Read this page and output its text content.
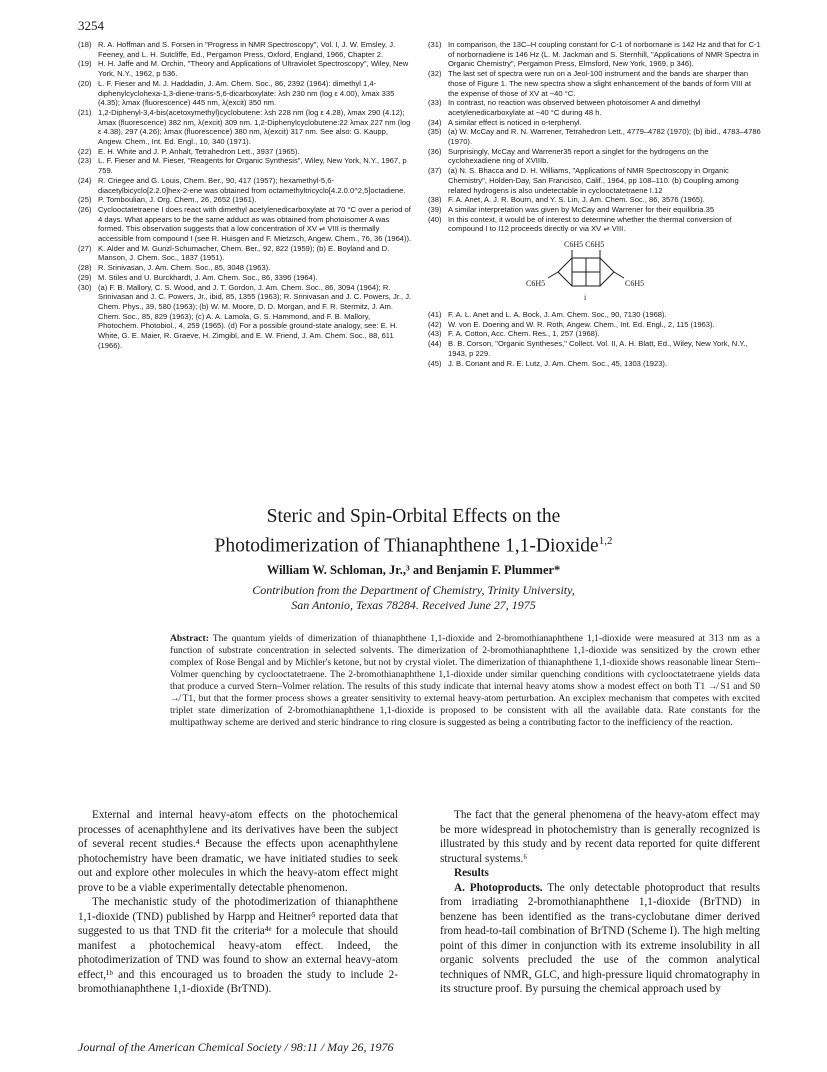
3254
(18) R. A. Hoffman and S. Forsen in "Progress in NMR Spectroscopy", Vol. I, J. W. Emsley, J. Feeney, and L. H. Sutcliffe, Ed., Pergamon Press, Oxford, England, 1966, Chapter 2.
(19) H. H. Jaffe and M. Orchin, "Theory and Applications of Ultraviolet Spectroscopy", Wiley, New York, N.Y., 1962, p 536.
(20) L. F. Fieser and M. J. Haddadin, J. Am. Chem. Soc., 86, 2392 (1964): dimethyl 1,4-diphenylcyclohexa-1,3-diene-trans-5,6-dicarboxylate: λsh 230 nm (log ε 4.00), λmax 335 (4.35); λmax (fluorescence) 445 nm, λ(excit) 350 nm.
(21) 1,2-Diphenyl-3,4-bis(acetoxymethyl)cyclobutene: λsh 228 nm (log ε 4.28), λmax 290 (4.12); λmax (fluorescence) 382 nm, λ(excit) 309 nm. 1,2-Diphenylcyclobutene:22 λmax 227 nm (log ε 4.38), 297 (4.26); λmax (fluorescence) 380 nm, λ(excit) 317 nm. See also: G. Kaupp, Angew. Chem., Int. Ed. Engl., 10, 340 (1971).
(22) E. H. White and J. P. Anhalt, Tetrahedron Lett., 3937 (1965).
(23) L. F. Fieser and M. Fieser, "Reagents for Organic Synthesis", Wiley, New York, N.Y., 1967, p 759.
(24) R. Criegee and G. Louis, Chem. Ber., 90, 417 (1957); hexamethyl-5,6-diacetylbicyclo[2.2.0]hex-2-ene was obtained from octamethyltricyclo[4.2.0.0^2,5]octadiene.
(25) P. Tomboulian, J. Org. Chem., 26, 2652 (1961).
(26) Cyclooctatetraene I does react with dimethyl acetylenedicarboxylate at 70 °C over a period of 4 days. What appears to be the same adduct as was obtained from photoisomer A was formed. This observation suggests that a low concentration of XV ⇌ VIII is thermally accessible from compound I (see R. Huisgen and F. Mietzsch, Angew. Chem., 76, 36 (1964)).
(27) K. Alder and M. Gunzl-Schumacher, Chem. Ber., 92, 822 (1959); (b) E. Boyland and D. Manson, J. Chem. Soc., 1837 (1951).
(28) R. Srinivasan, J. Am. Chem. Soc., 85, 3048 (1963).
(29) M. Stiles and U. Burckhardt, J. Am. Chem. Soc., 86, 3396 (1964).
(30) (a) F. B. Mallory, C. S. Wood, and J. T. Gordon, J. Am. Chem. Soc., 86, 3094 (1964); R. Srinivasan and J. C. Powers, Jr., ibid, 85, 1355 (1963); R. Srinivasan and J. C. Powers, Jr., J. Chem. Phys., 39, 580 (1963); (b) W. M. Moore, D. D. Morgan, and F. R. Stermitz, J. Am. Chem. Soc., 85, 829 (1963); (c) A. A. Lamola, G. S. Hammond, and F. B. Mallory, Photochem. Photobiol., 4, 259 (1965). (d) For a possible ground-state analogy, see: E. H. White, G. E. Maier, R. Graeve, H. Zimgibl, and E. W. Friend, J. Am. Chem. Soc., 88, 611 (1966).
(31) In comparison, the 13C–H coupling constant for C-1 of norbornane is 142 Hz and that for C-1 of norbornadiene is 146 Hz (L. M. Jackman and S. Sternhill, "Applications of NMR Spectra in Organic Chemistry", Pergamon Press, Elmsford, New York, 1969, p 346).
(32) The last set of spectra were run on a Jeol-100 instrument and the bands are sharper than those of Figure 1. The new spectra show a slight enhancement of the bands of form VIII at the expense of those of XV at −40 °C.
(33) In contrast, no reaction was observed between photoisomer A and dimethyl acetylenedicarboxylate at −40 °C during 48 h.
(34) A similar effect is noticed in o-terphenyl.
(35) (a) W. McCay and R. N. Warrener, Tetrahedron Lett., 4779–4782 (1970); (b) ibid., 4783–4786 (1970).
(36) Surprisingly, McCay and Warrener35 report a singlet for the hydrogens on the cyclohexadiene ring of XVIIIb.
(37) (a) N. S. Bhacca and D. H. Williams, "Applications of NMR Spectroscopy in Organic Chemistry", Holden-Day, San Francisco, Calif., 1964, pp 108–110. (b) Coupling among related hydrogens is also undetectable in cyclooctatetraene I.12
(38) F. A. Anet, A. J. R. Bourn, and Y. S. Lin, J. Am. Chem. Soc., 86, 3576 (1965).
(39) A similar interpretation was given by McCay and Warrener for their equilibria.35
(40) In this context, it would be of interest to determine whether the thermal conversion of compound I to I12 proceeds directly or via XV ⇌ VIII.
C6H5 C6H5
C6H5	C6H5
i
(41) F. A. L. Anet and L. A. Bock, J. Am. Chem. Soc., 90, 7130 (1968).
(42) W. von E. Doering and W. R. Roth, Angew. Chem., Int. Ed. Engl., 2, 115 (1963).
(43) F. A. Cotton, Acc. Chem. Res., 1, 257 (1968).
(44) B. B. Corson, "Organic Syntheses," Collect. Vol. II, A. H. Blatt, Ed., Wiley, New York, N.Y., 1943, p 229.
(45) J. B. Conant and R. E. Lutz, J. Am. Chem. Soc., 45, 1303 (1923).
Steric and Spin-Orbital Effects on the
Photodimerization of Thianaphthene 1,1-Dioxide$^{1,2}$
William W. Schloman, Jr.,³ and Benjamin F. Plummer*
Contribution from the Department of Chemistry, Trinity University,
San Antonio, Texas 78284. Received June 27, 1975
Abstract: The quantum yields of dimerization of thianaphthene 1,1-dioxide and 2-bromothianaphthene 1,1-dioxide were measured at 313 nm as a function of substrate concentration in selected solvents. The dimerization of 2-bromothianaphthene 1,1-dioxide was sensitized by the crown ether complex of Rose Bengal and by Michler's ketone, but not by crystal violet. The dimerization of thianaphthene 1,1-dioxide shows reasonable linear Stern–Volmer quenching by cyclooctatetraene. The 2-bromothianaphthene 1,1-dioxide under similar quenching conditions with cyclooctatetraene yields data that produce a curved Stern–Volmer relation. The results of this study indicate that internal heavy atoms show a modest effect on both T1 ↛ S1 and S0 ↛ T1, but that the former process shows a greater sensitivity to external heavy-atom perturbation. An exciplex mechanism that competes with excited triplet state dimerization of 2-bromothianaphthene 1,1-dioxide is proposed to be consistent with all the available data. Rate constants for the multipathway scheme are derived and steric hindrance to ring closure is suggested as being a contributing factor to the inefficiency of the reaction.

External and internal heavy-atom effects on the photochemical processes of acenaphthylene and its derivatives have been the subject of several recent studies.⁴ Because the effects upon acenaphthylene photochemistry have been dramatic, we have initiated studies to seek out and explore other molecules in which the heavy-atom effect might prove to be a viable experimentally detectable phenomenon.

The mechanistic study of the photodimerization of thianaphthene 1,1-dioxide (TND) published by Harpp and Heitner⁵ reported data that suggested to us that TND fit the criteria⁴ᵉ for a molecule that should manifest a photochemical heavy-atom effect. Indeed, the photodimerization of TND was found to show an external heavy-atom effect,¹ᵇ and this encouraged us to broaden the study to include 2-bromothianaphthene 1,1-dioxide (BrTND).

The fact that the general phenomena of the heavy-atom effect may be more widespread in photochemistry than is generally recognized is illustrated by this study and by recent data reported for quite different structural systems.⁶

Results

A. Photoproducts. The only detectable photoproduct that results from irradiating 2-bromothianaphthene 1,1-dioxide (BrTND) in benzene has been identified as the trans-cyclobutane dimer derived from head-to-tail combination of BrTND (Scheme I). The high melting point of this dimer in conjunction with its extreme insolubility in all organic solvents precluded the use of the common analytical techniques of NMR, GLC, and high-pressure liquid chromatography in its structure proof. By pursuing the chemical approach used by

Journal of the American Chemical Society / 98:11 / May 26, 1976
